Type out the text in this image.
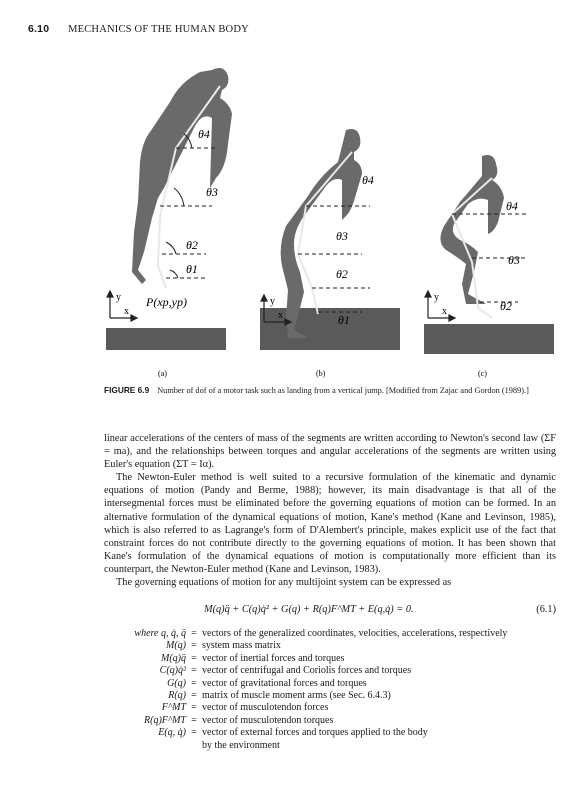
6.10 MECHANICS OF THE HUMAN BODY
θ4
θ3
θ2
θ1
y
x
P(xp,yp)
(a)
θ4
θ3
θ2
θ1
y
x
(b)
θ4
θ3
θ2
y
x
(c)
FIGURE 6.9 Number of dof of a motor task such as landing from a vertical jump. [Modified from Zajac and Gordon (1989).]

linear accelerations of the centers of mass of the segments are written according to Newton's second law (ΣF = ma), and the relationships between torques and angular accelerations of the segments are written using Euler's equation (ΣT = Iα).

The Newton-Euler method is well suited to a recursive formulation of the kinematic and dynamic equations of motion (Pandy and Berme, 1988); however, its main disadvantage is that all of the intersegmental forces must be eliminated before the governing equations of motion can be formed. In an alternative formulation of the dynamical equations of motion, Kane's method (Kane and Levinson, 1985), which is also referred to as Lagrange's form of D'Alembert's principle, makes explicit use of the fact that constraint forces do not contribute directly to the governing equations of motion. It has been shown that Kane's formulation of the dynamical equations of motion is computationally more efficient than its counterpart, the Newton-Euler method (Kane and Levinson, 1983).

The governing equations of motion for any multijoint system can be expressed as

M(q)q̈ + C(q)q̇² + G(q) + R(q)F^MT + E(q,q̇) = 0.	(6.1)
where q, q̇, q̈ = vectors of the generalized coordinates, velocities, accelerations, respectively
M(q) = system mass matrix
M(q)q̈ = vector of inertial forces and torques
C(q)q̇² = vector of centrifugal and Coriolis forces and torques
G(q) = vector of gravitational forces and torques
R(q) = matrix of muscle moment arms (see Sec. 6.4.3)
F^MT = vector of musculotendon forces
R(q)F^MT = vector of musculotendon torques
E(q, q̇) = vector of external forces and torques applied to the body
by the environment
